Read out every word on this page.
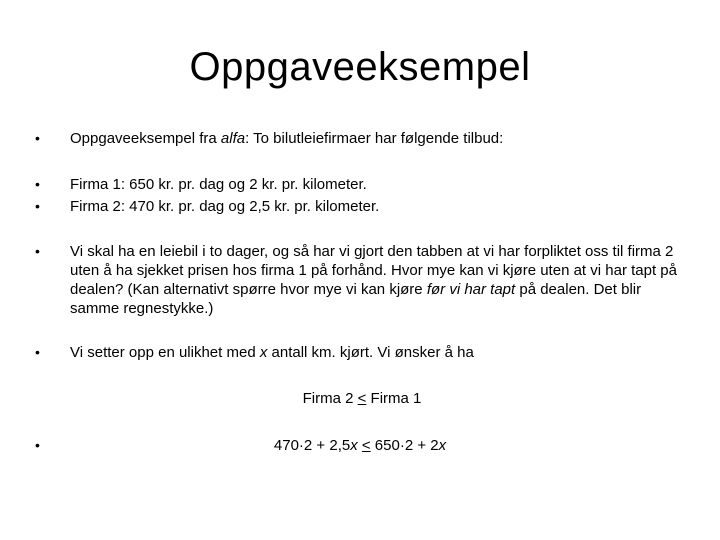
Oppgaveeksempel
• Oppgaveeksempel fra alfa: To bilutleiefirmaer har følgende tilbud:
• Firma 1: 650 kr. pr. dag og 2 kr. pr. kilometer.
• Firma 2: 470 kr. pr. dag og 2,5 kr. pr. kilometer.
• Vi skal ha en leiebil i to dager, og så har vi gjort den tabben at vi har forpliktet oss til firma 2 uten å ha sjekket prisen hos firma 1 på forhånd. Hvor mye kan vi kjøre uten at vi har tapt på dealen? (Kan alternativt spørre hvor mye vi kan kjøre før vi har tapt på dealen. Det blir samme regnestykke.)
• Vi setter opp en ulikhet med x antall km. kjørt. Vi ønsker å ha
Firma 2 < Firma 1
•	470·2 + 2,5x ≤ 650·2 + 2x
